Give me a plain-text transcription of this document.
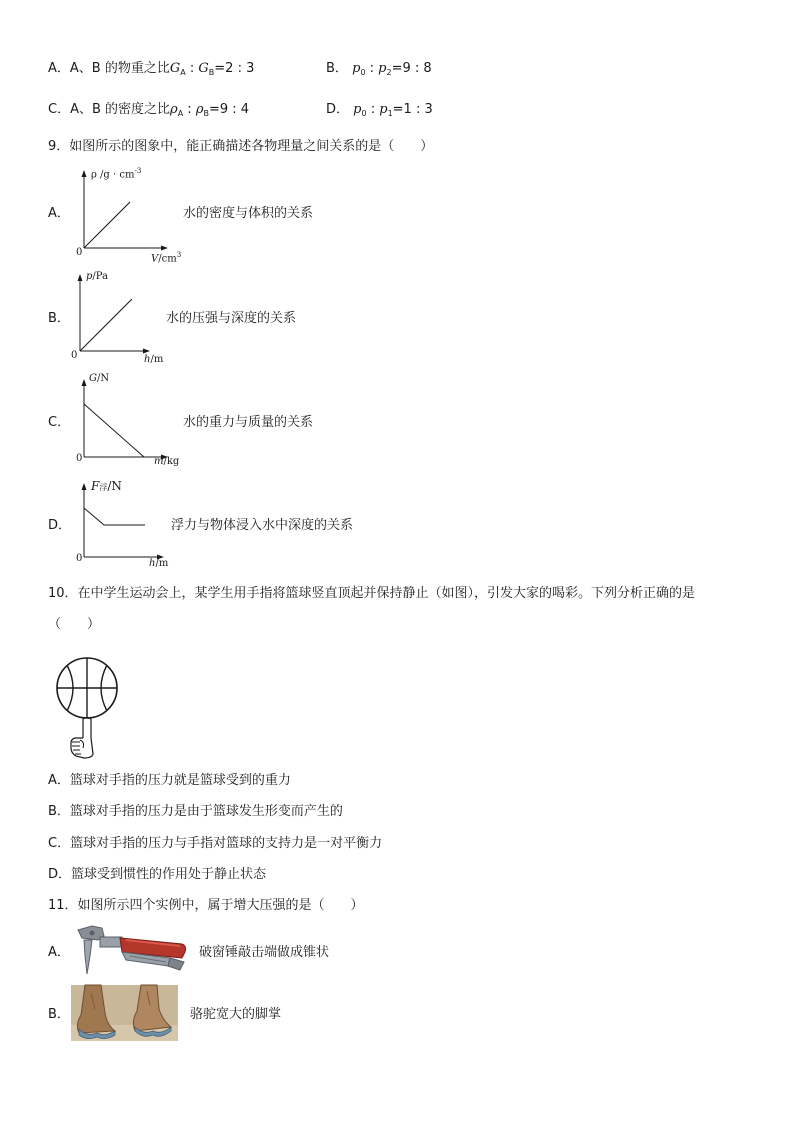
A．A、B 的物重之比$G_A$ : $G_B=2$ : 3	B． $p_0$ : $p_2=9$ : 8
C．A、B 的密度之比$\rho_A$ : $\rho_B=9$ : 4	D． $p_0$ : $p_1=1$ : 3
9．如图所示的图象中，能正确描述各物理量之间关系的是（　　）
A．
ρ $/g \cdot cm^{-3}$
0
$V/cm^3$
水的密度与体积的关系
B．
p/Pa
0	h/m
水的压强与深度的关系
C．
G/N
0	m/kg
水的重力与质量的关系
D．
F浮/N
0	h/m
浮力与物体浸入水中深度的关系
10．在中学生运动会上，某学生用手指将篮球竖直顶起并保持静止（如图），引发大家的喝彩。下列分析正确的是
（　　）
A．篮球对手指的压力就是篮球受到的重力
B．篮球对手指的压力是由于篮球发生形变而产生的
C．篮球对手指的压力与手指对篮球的支持力是一对平衡力
D．篮球受到惯性的作用处于静止状态
11．如图所示四个实例中，属于增大压强的是（　　）
A．	破窗锤敲击端做成锥状
B．	骆驼宽大的脚掌
